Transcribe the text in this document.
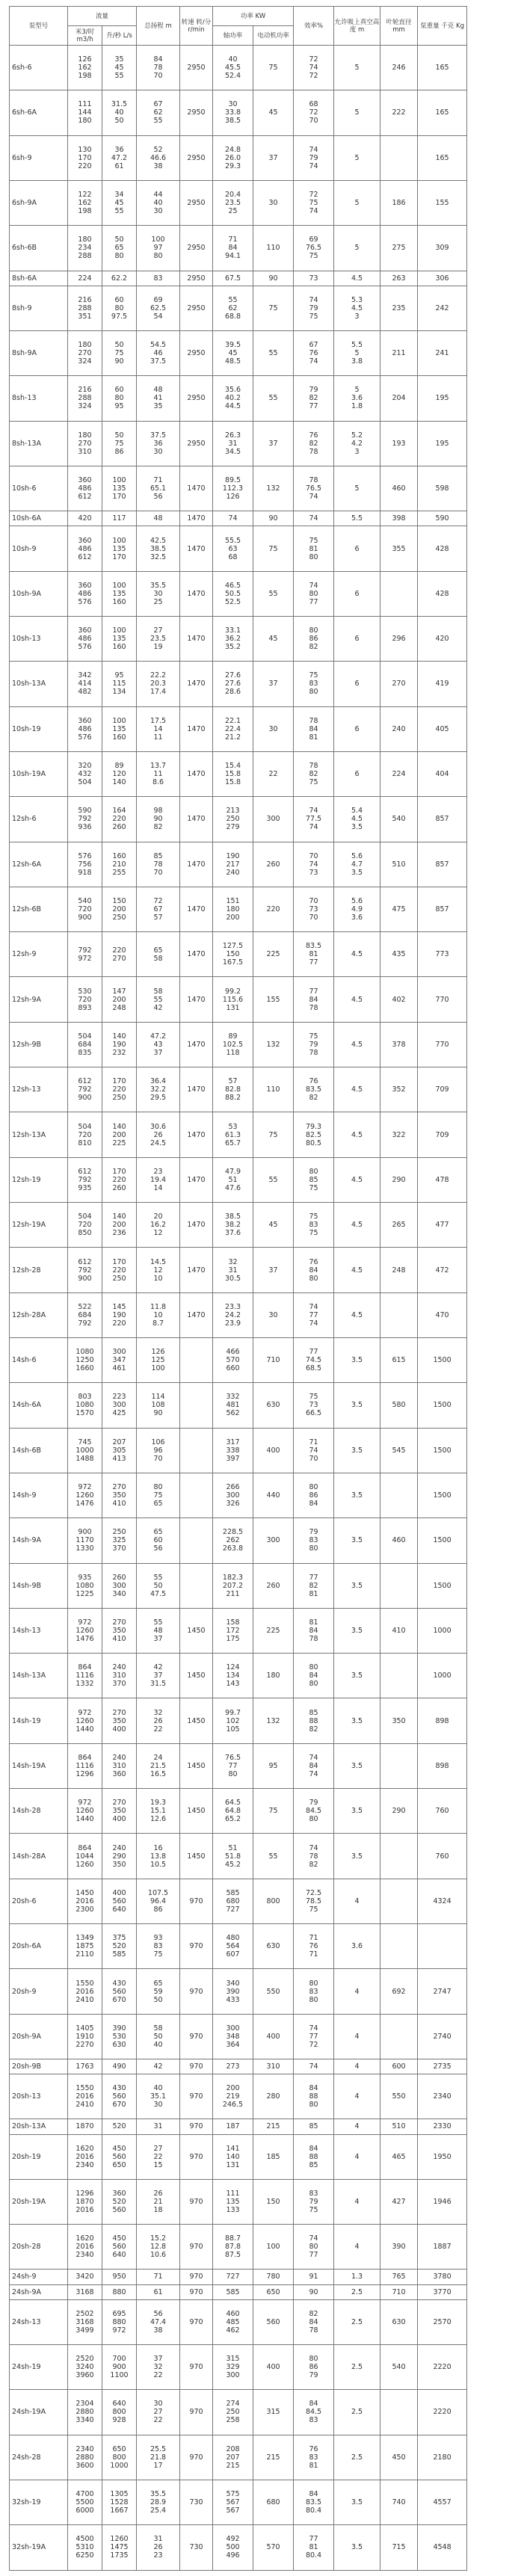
泵型号	流量		总扬程 m	转速 转/分 r/min	功率 KW		效率%	允许吸上真空高度 m	叶轮直径 mm	泵重量 千克 Kg
	米3/时 m3/h	升/秒 L/s			轴功率	电动机功率				
6sh-6	126
162
198	35
45
55	84
78
70	2950	40
45.5
52.4	75	72
74
72	5	246	165
6sh-6A	111
144
180	31.5
40
50	67
62
55	2950	30
33.8
38.5	45	68
72
70	5	222	165
6sh-9	130
170
220	36
47.2
61	52
46.6
38	2950	24.8
26.0
29.3	37	74
79
74	5		165
6sh-9A	122
162
198	34
45
55	44
40
30	2950	20.4
23.5
25	30	72
75
74	5	186	155
6sh-6B	180
234
288	50
65
80	100
97
80	2950	71
84
94.1	110	69
76.5
75	5	275	309
8sh-6A	224	62.2	83	2950	67.5	90	73	4.5	263	306
8sh-9	216
288
351	60
80
97.5	69
62.5
54	2950	55
62
68.8	75	74
79
75	5.3
4.5
3	235	242
8sh-9A	180
270
324	50
75
90	54.5
46
37.5	2950	39.5
45
48.5	55	67
76
74	5.5
5
3.8	211	241
8sh-13	216
288
324	60
80
95	48
41
35	2950	35.6
40.2
44.5	55	79
82
77	5
3.6
1.8	204	195
8sh-13A	180
270
310	50
75
86	37.5
36
30	2950	26.3
31
34.5	37	76
82
78	5.2
4.2
3	193	195
10sh-6	360
486
612	100
135
170	71
65.1
56	1470	89.5
112.3
126	132	78
76.5
74	5	460	598
10sh-6A	420	117	48	1470	74	90	74	5.5	398	590
10sh-9	360
486
612	100
135
170	42.5
38.5
32.5	1470	55.5
63
68	75	75
81
80	6	355	428
10sh-9A	360
486
576	100
135
160	35.5
30
25	1470	46.5
50.5
52.5	55	74
80
77	6		428
10sh-13	360
486
576	100
135
160	27
23.5
19	1470	33.1
36.2
35.2	45	80
86
82	6	296	420
10sh-13A	342
414
482	95
115
134	22.2
20.3
17.4	1470	27.6
27.6
28.6	37	75
83
80	6	270	419
10sh-19	360
486
576	100
135
160	17.5
14
11	1470	22.1
22.4
21.2	30	78
84
81	6	240	405
10sh-19A	320
432
504	89
120
140	13.7
11
8.6	1470	15.4
15.8
15.8	22	78
82
75	6	224	404
12sh-6	590
792
936	164
220
260	98
90
82	1470	213
250
279	300	74
77.5
74	5.4
4.5
3.5	540	857
12sh-6A	576
756
918	160
210
255	85
78
70	1470	190
217
240	260	70
74
73	5.6
4.7
3.5	510	857
12sh-6B	540
720
900	150
200
250	72
67
57	1470	151
180
200	220	70
73
70	5.6
4.9
3.6	475	857
12sh-9	792
972	220
270	65
58	1470	127.5
150
167.5	225	83.5
81
77	4.5	435	773
12sh-9A	530
720
893	147
200
248	58
55
42	1470	99.2
115.6
131	155	77
84
78	4.5	402	770
12sh-9B	504
684
835	140
190
232	47.2
43
37	1470	89
102.5
118	132	75
79
78	4.5	378	770
12sh-13	612
792
900	170
220
250	36.4
32.2
29.5	1470	57
82.8
88.2	110	76
83.5
82	4.5	352	709
12sh-13A	504
720
810	140
200
225	30.6
26
24.5	1470	53
61.3
65.7	75	79.3
82.5
80.5	4.5	322	709
12sh-19	612
792
935	170
220
260	23
19.4
14	1470	47.9
51
47.6	55	80
85
75	4.5	290	478
12sh-19A	504
720
850	140
200
236	20
16.2
12	1470	38.5
38.2
37.6	45	75
83
75	4.5	265	477
12sh-28	612
792
900	170
220
250	14.5
12
10	1470	32
31
30.5	37	76
84
80	4.5	248	472
12sh-28A	522
684
792	145
190
220	11.8
10
8.7	1470	23.3
24.2
23.9	30	74
77
74	4.5		470
14sh-6	1080
1250
1660	300
347
461	126
125
100		466
570
660	710	77
74.5
68.5	3.5	615	1500
14sh-6A	803
1080
1570	223
300
425	114
108
90		332
481
562	630	75
73
66.5	3.5	580	1500
14sh-6B	745
1000
1488	207
305
413	106
96
70		317
338
397	400	71
74
70	3.5	545	1500
14sh-9	972
1260
1476	270
350
410	80
75
65		266
300
326	440	80
86
84	3.5		1500
14sh-9A	900
1170
1330	250
325
370	65
60
56		228.5
262
263.8	300	79
83
80	3.5	460	1500
14sh-9B	935
1080
1225	260
300
340	55
50
47.5		182.3
207.2
211	260	77
82
81	3.5		1500
14sh-13	972
1260
1476	270
350
410	55
48
37	1450	158
172
175	225	81
84
78	3.5	410	1000
14sh-13A	864
1116
1332	240
310
370	42
37
31.5	1450	124
134
143	180	80
84
80	3.5		1000
14sh-19	972
1260
1440	270
350
400	32
26
22	1450	99.7
102
105	132	85
88
82	3.5	350	898
14sh-19A	864
1116
1296	240
310
360	24
21.5
16.5	1450	76.5
77
80	95	74
84
74	3.5		898
14sh-28	972
1260
1440	270
350
400	19.3
15.1
12.6	1450	64.5
64.8
65.2	75	79
84.5
80	3.5	290	760
14sh-28A	864
1044
1260	240
290
350	16
13.8
10.5	1450	51
51.8
45.2	55	74
78
82	3.5		760
20sh-6	1450
2016
2300	400
560
640	107.5
96.4
86	970	585
680
727	800	72.5
78.5
75	4		4324
20sh-6A	1349
1875
2110	375
520
585	93
83
75	970	480
564
607	630	71
76
71	3.6		
20sh-9	1550
2016
2410	430
560
670	65
59
50	970	340
390
433	550	80
83
80	4	692	2747
20sh-9A	1405
1910
2270	390
530
630	58
50
40	970	300
348
364	400	74
77
72	4		2740
20sh-9B	1763	490	42	970	273	310	74	4	600	2735
20sh-13	1550
2016
2410	430
560
670	40
35.1
30	970	200
219
246.5	280	84
88
80	4	550	2340
20sh-13A	1870	520	31	970	187	215	85	4	510	2330
20sh-19	1620
2016
2340	450
560
650	27
22
15	970	141
140
131	185	84
88
85	4	465	1950
20sh-19A	1296
1870
2016	360
520
560	26
21
18	970	111
135
133	150	83
79
75	4	427	1946
20sh-28	1620
2016
2340	450
560
640	15.2
12.8
10.6	970	88.7
87.8
87.5	100	74
80
77	4	390	1887
24sh-9	3420	950	71	970	727	780	91	1.3	765	3780
24sh-9A	3168	880	61	970	585	650	90	2.5	710	3770
24sh-13	2502
3168
3499	695
880
972	56
47.4
38	970	460
485
462	560	82
84
78	2.5	630	2570
24sh-19	2520
3240
3960	700
900
1100	37
32
22	970	315
329
300	400	80
86
79	2.5	540	2220
24sh-19A	2304
2880
3340	640
800
928	30
27
22	970	274
250
258	315	84
84.5
83	2.5		2220
24sh-28	2340
2880
3600	650
800
1000	25.5
21.8
17	970	208
207
215	215	76
83
81	2.5	450	2180
32sh-19	4700
5500
6000	1305
1528
1667	35.5
28.9
25.4	730	575
567
567	680	84
83.5
80.4	3.5	740	4557
32sh-19A	4500
5310
6250	1260
1475
1735	31
26
23	730	492
500
496	570	77
81
80.4	3.5	715	4548
